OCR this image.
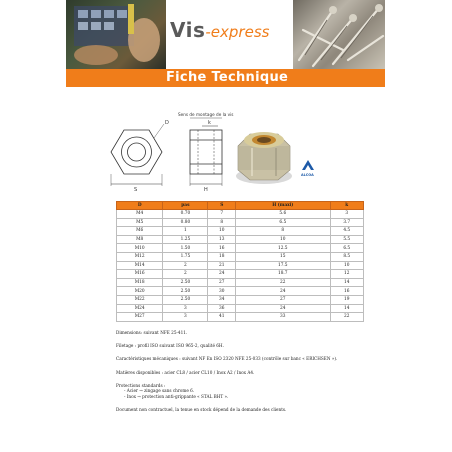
Vis-express
Fiche Technique
S
D
Sens de montage de la vis
k
H
ALCOA
D	pas	S	H (maxi)	k
M4	0.70	7	5.6	3
M5	0.80	8	6.5	3.7
M6	1	10	8	4.5
M8	1.25	13	10	5.5
M10	1.50	16	12.5	6.5
M12	1.75	18	15	8.5
M14	2	21	17.5	10
M16	2	24	18.7	12
M18	2.50	27	22	14
M20	2.50	30	24	16
M22	2.50	34	27	19
M24	3	36	24	14
M27	3	41	33	22

Dimensions: suivant NFE 25-411.

Filetage : profil ISO suivant ISO 965-2, qualité 6H.

Caractéristiques mécaniques : suivant NF En ISO 2320 NFE 25-033 (contrôle sur banc « ERICHSEN »).

Matières disponibles : acier CL8 / acier CL10 / Inox A2 / Inox A4.

Protections standards :
- Acier → zingage sans chrome 6.
- Inox → protection anti-grippante « STAL BHT ».

Document non contractuel, la tenue en stock dépend de la demande des clients.
